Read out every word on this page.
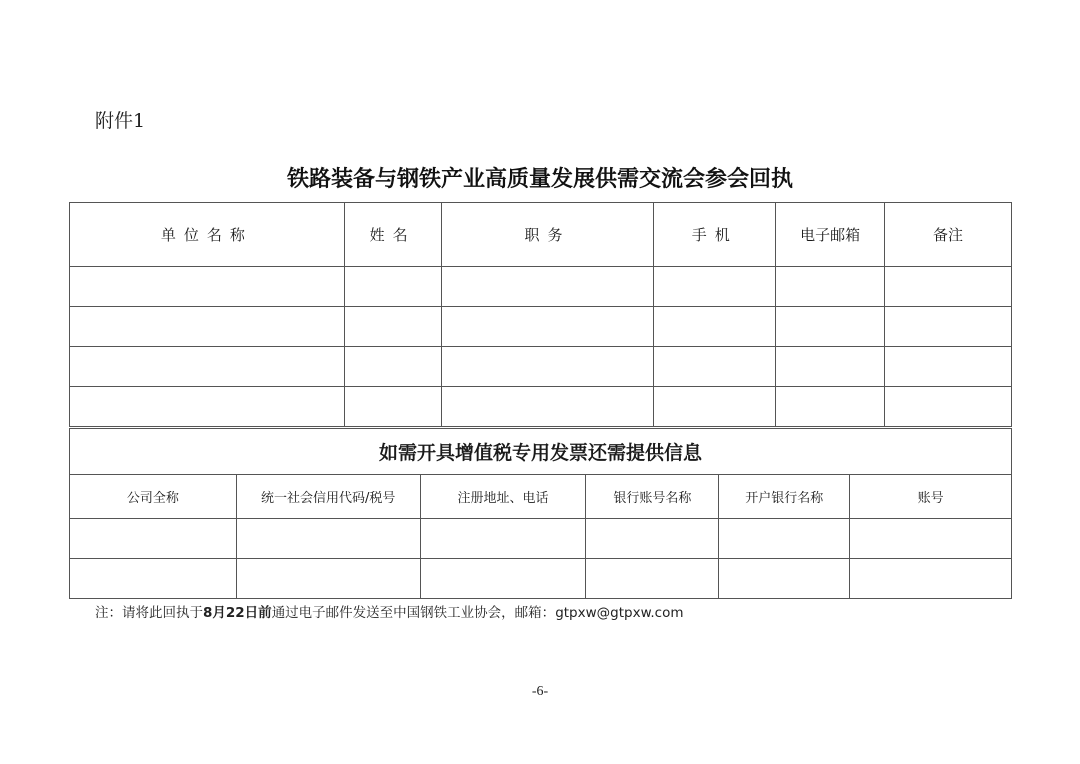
附件1
铁路装备与钢铁产业高质量发展供需交流会参会回执
单位名称	姓名	职务	手机	电子邮箱	备注

如需开具增值税专用发票还需提供信息					
公司全称	统一社会信用代码/税号	注册地址、电话	银行账号名称	开户银行名称	账号

注：请将此回执于8月22日前通过电子邮件发送至中国钢铁工业协会，邮箱：gtpxw@gtpxw.com
-6-
